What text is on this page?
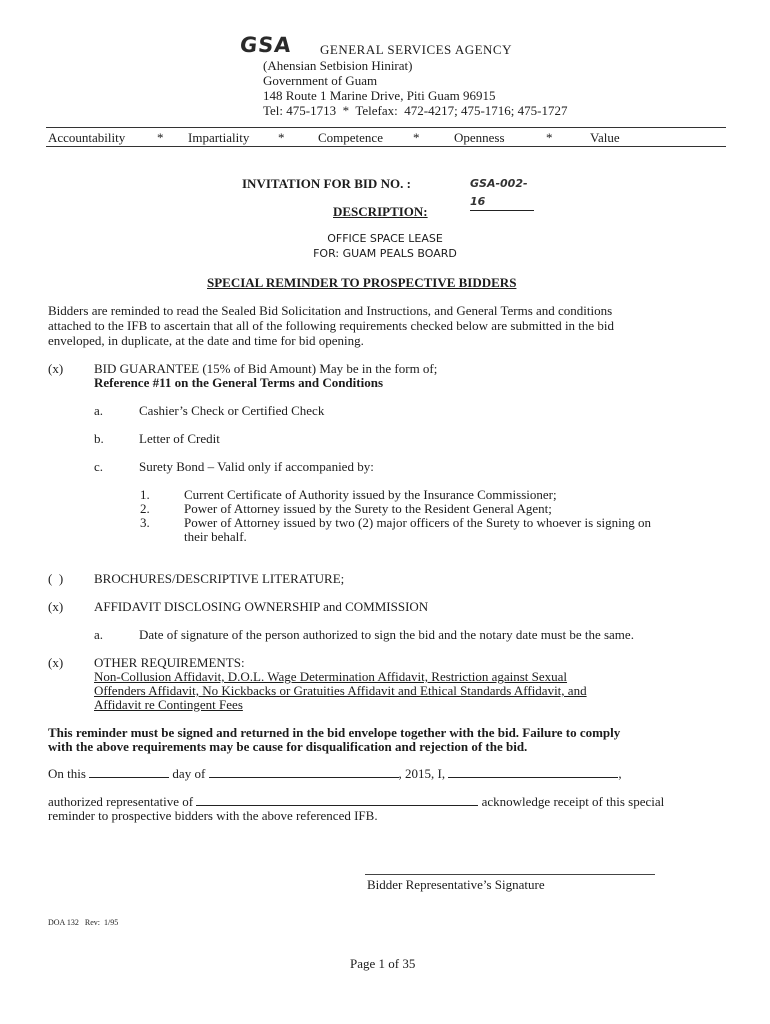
GSA GENERAL SERVICES AGENCY
(Ahensian Setbision Hinirat)
Government of Guam
148 Route 1 Marine Drive, Piti Guam 96915
Tel: 475-1713  *  Telefax:  472-4217; 475-1716; 475-1727
Accountability * Impartiality *	Competence *	Openness	*	Value
INVITATION FOR BID NO. :	GSA-002-16
DESCRIPTION:
OFFICE SPACE LEASE
FOR: GUAM PEALS BOARD
SPECIAL REMINDER TO PROSPECTIVE BIDDERS
Bidders are reminded to read the Sealed Bid Solicitation and Instructions, and General Terms and conditions
attached to the IFB to ascertain that all of the following requirements checked below are submitted in the bid
enveloped, in duplicate, at the date and time for bid opening.
(x) BID GUARANTEE (15% of Bid Amount) May be in the form of;
Reference #11 on the General Terms and Conditions
a.	Cashier’s Check or Certified Check
b.	Letter of Credit
c.	Surety Bond – Valid only if accompanied by:
1.	Current Certificate of Authority issued by the Insurance Commissioner;
2.	Power of Attorney issued by the Surety to the Resident General Agent;
3.	Power of Attorney issued by two (2) major officers of the Surety to whoever is signing on
their behalf.
(  ) BROCHURES/DESCRIPTIVE LITERATURE;
(x) AFFIDAVIT DISCLOSING OWNERSHIP and COMMISSION
a.	Date of signature of the person authorized to sign the bid and the notary date must be the same.
(x) OTHER REQUIREMENTS:
Non-Collusion Affidavit, D.O.L. Wage Determination Affidavit, Restriction against Sexual
Offenders Affidavit, No Kickbacks or Gratuities Affidavit and Ethical Standards Affidavit, and
Affidavit re Contingent Fees
This reminder must be signed and returned in the bid envelope together with the bid. Failure to comply
with the above requirements may be cause for disqualification and rejection of the bid.
On this	day of	, 2015, I,	,
authorized representative of	acknowledge receipt of this special
reminder to prospective bidders with the above referenced IFB.
Bidder Representative’s Signature
DOA 132   Rev:  1/95
Page 1 of 35
